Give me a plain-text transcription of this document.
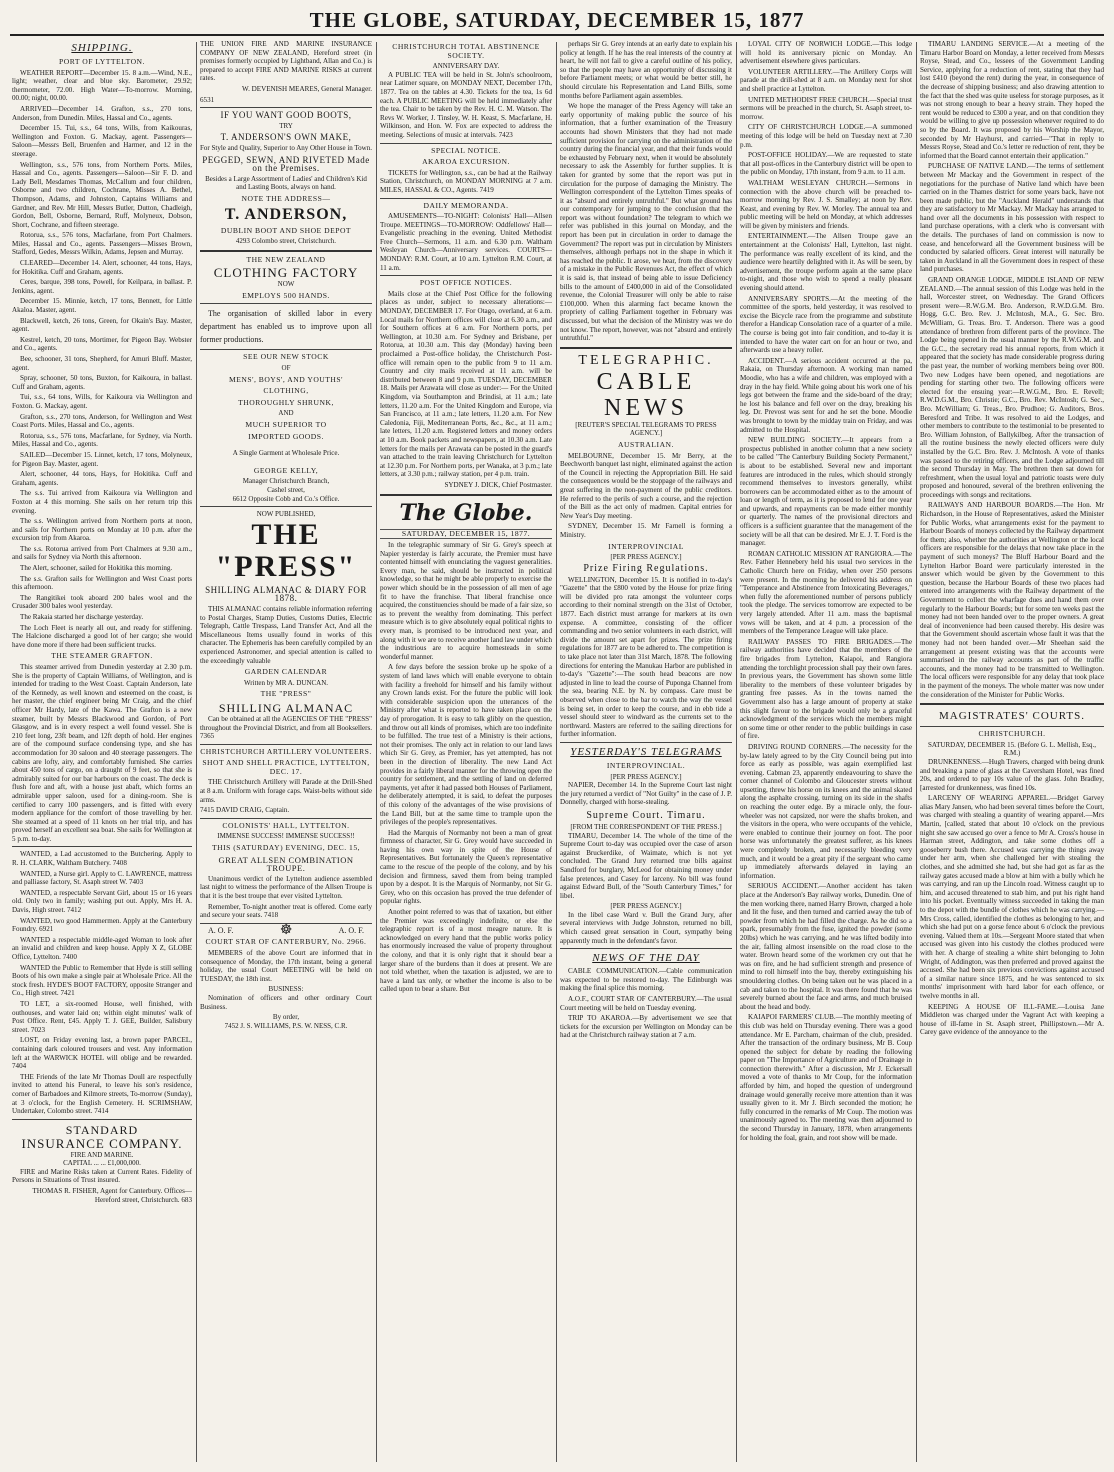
THE GLOBE, SATURDAY, DECEMBER 15, 1877
SHIPPING.
PORT OF LYTTELTON.

WEATHER REPORT—December 15. 8 a.m.—Wind, N.E., light; weather, clear and blue sky. Barometer, 29.92; thermometer, 72.00. High Water—To-morrow. Morning, 00.00; night, 00.00.

ARRIVED—December 14. Grafton, s.s., 270 tons, Anderson, from Dunedin. Miles, Hassal and Co., agents.

December 15. Tui, s.s., 64 tons, Wills, from Kaikouras, Wellington and Foxton. G. Mackay, agent. Passengers—Saloon—Messrs Bell, Bruenfen and Harmer, and 12 in the steerage.

Wellington, s.s., 576 tons, from Northern Ports. Miles, Hassal and Co., agents. Passengers—Saloon—Sir F. D. and Lady Bell, Mesdames Thomas, McCallum and four children, Osborne and two children, Cochrane, Misses A. Bethel, Thompson, Adams, and Johnston, Captains Williams and Gardner, and Rev. Mr Hill, Messrs Butler, Dutton, Chadleigh, Gordon, Bell, Osborne, Bernard, Ruff, Molyneux, Dobson, Short, Cochrane, and fifteen steerage.

Rotorua, s.s., 576 tons, Macfarlane, from Port Chalmers. Miles, Hassal and Co., agents. Passengers—Misses Brown, Stafford, Gedes, Messrs Wilkin, Adams, Jepsen and Murray.

CLEARED—December 14. Alert, schooner, 44 tons, Hays, for Hokitika. Cuff and Graham, agents.

Ceres, barque, 398 tons, Powell, for Keilpara, in ballast. P. Jenkins, agent.

December 15. Minnie, ketch, 17 tons, Bennett, for Little Akaloa. Master, agent.

Blackwell, ketch, 26 tons, Green, for Okain's Bay. Master, agent.

Kestrel, ketch, 20 tons, Mortimer, for Pigeon Bay. Webster and Co., agents.

Bee, schooner, 31 tons, Shepherd, for Amuri Bluff. Master, agent.

Spray, schooner, 50 tons, Buxton, for Kaikoura, in ballast. Cuff and Graham, agents.

Tui, s.s., 64 tons, Wills, for Kaikoura via Wellington and Foxton. G. Mackay, agent.

Grafton, s.s., 270 tons, Anderson, for Wellington and West Coast Ports. Miles, Hassal and Co., agents.

Rotorua, s.s., 576 tons, Macfarlane, for Sydney, via North. Miles, Hassal and Co., agents.

SAILED—December 15. Linnet, ketch, 17 tons, Molyneux, for Pigeon Bay. Master, agent.

Alert, schooner, 44 tons, Hays, for Hokitika. Cuff and Graham, agents.

The s.s. Tui arrived from Kaikoura via Wellington and Foxton at 4 this morning. She sails on her return trip this evening.

The s.s. Wellington arrived from Northern ports at noon, and sails for Northern ports on Monday at 10 p.m. after the excursion trip from Akaroa.

The s.s. Rotorua arrived from Port Chalmers at 9.30 a.m., and sails for Sydney via North this afternoon.

The Alert, schooner, sailed for Hokitika this morning.

The s.s. Grafton sails for Wellington and West Coast ports this afternoon.

The Rangitikei took aboard 200 bales wool and the Crusader 300 bales wool yesterday.

The Rakaia started her discharge yesterday.

The Loch Fleet is nearly all out, and ready for stiffening. The Halcione discharged a good lot of her cargo; she would have done more if there had been sufficient trucks.

THE STEAMER GRAFTON.

This steamer arrived from Dunedin yesterday at 2.30 p.m. She is the property of Captain Williams, of Wellington, and is intended for trading to the West Coast. Captain Anderson, late of the Kennedy, as well known and esteemed on the coast, is her master, the chief engineer being Mr Craig, and the chief officer Mr Hardy, late of the Kawa. The Grafton is a new steamer, built by Messrs Blackwood and Gordon, of Port Glasgow, and is in every respect a well found vessel. She is 210 feet long, 23ft beam, and 12ft depth of hold. Her engines are of the compound surface condensing type, and she has accommodation for 30 saloon and 40 steerage passengers. The cabins are lofty, airy, and comfortably furnished. She carries about 450 tons of cargo, on a draught of 9 feet, so that she is admirably suited for our bar harbours on the coast. The deck is flush fore and aft, with a house just abaft, which forms an admirable upper saloon, used for a dining-room. She is certified to carry 100 passengers, and is fitted with every modern appliance for the comfort of those travelling by her. She steamed at a speed of 11 knots on her trial trip, and has proved herself an excellent sea boat. She sails for Wellington at 5 p.m. to-day.

WANTED, a Lad accustomed to the Butchering. Apply to R. H. CLARK, Waltham Butchery. 7408

WANTED, a Nurse girl. Apply to C. LAWRENCE, mattress and palliasse factory, St. Asaph street W. 7403

WANTED, a respectable Servant Girl, about 15 or 16 years old. Only two in family; washing put out. Apply, Mrs H. A. Davis, High street. 7412

WANTED, two good Hammermen. Apply at the Canterbury Foundry. 6921

WANTED a respectable middle-aged Woman to look after an invalid and children and keep house. Apply X Z, GLOBE Office, Lyttelton. 7400

WANTED the Public to Remember that Hyde is still selling Boots of his own make a single pair at Wholesale Price. All the stock fresh. HYDE'S BOOT FACTORY, opposite Stranger and Co., High street. 7421

TO LET, a six-roomed House, well finished, with outhouses, and water laid on; within eight minutes' walk of Post Office. Rent, £45. Apply T. J. GEE, Builder, Salisbury street. 7023

LOST, on Friday evening last, a brown paper PARCEL, containing dark coloured trousers and vest. Any information left at the WARWICK HOTEL will oblige and be rewarded. 7404

THE Friends of the late Mr Thomas Doull are respectfully invited to attend his Funeral, to leave his son's residence, corner of Barbadoes and Kilmore streets, To-morrow (Sunday), at 3 o'clock, for the English Cemetery. H. SCRIMSHAW, Undertaker, Colombo street. 7414

STANDARD
INSURANCE COMPANY.
FIRE AND MARINE.
CAPITAL ... ... £1,000,000.

FIRE and Marine Risks taken at Current Rates. Fidelity of Persons in Situations of Trust insured.

THOMAS R. FISHER, Agent for Canterbury. Offices—Hereford street, Christchurch. 683

THE UNION FIRE AND MARINE INSURANCE COMPANY OF NEW ZEALAND, Hereford street (in premises formerly occupied by Lightband, Allan and Co.) is prepared to accept FIRE AND MARINE RISKS at current rates.

W. DEVENISH MEARES, General Manager.

6531

IF YOU WANT GOOD BOOTS,
TRY
T. ANDERSON'S OWN MAKE,
For Style and Quality, Superior to Any Other House in Town.
PEGGED, SEWN, AND RIVETED Made on the Premises.
Besides a Large Assortment of Ladies' and Children's Kid and Lasting Boots, always on hand.
NOTE THE ADDRESS—
T. ANDERSON,
DUBLIN BOOT AND SHOE DEPOT
4293 Colombo street, Christchurch.
THE NEW ZEALAND
CLOTHING FACTORY
NOW
EMPLOYS 500 HANDS.

The organisation of skilled labor in every department has enabled us to improve upon all former productions.

SEE OUR NEW STOCK
OF
MENS', BOYS', AND YOUTHS'
CLOTHING,
THOROUGHLY SHRUNK,
AND
MUCH SUPERIOR TO
IMPORTED GOODS.
A Single Garment at Wholesale Price.
GEORGE KELLY,
Manager Christchurch Branch,
Cashel street,
6612 Opposite Cobb and Co.'s Office.
NOW PUBLISHED,
THE "PRESS"
SHILLING ALMANAC & DIARY FOR 1878.

THIS ALMANAC contains reliable information referring to Postal Charges, Stamp Duties, Customs Duties, Electric Telegraph, Cattle Trespass, Land Transfer Act, And all the Miscellaneous Items usually found in works of this character. The Ephemeris has been carefully compiled by an experienced Astronomer, and special attention is called to the exceedingly valuable

GARDEN CALENDAR
Written by MR A. DUNCAN.
THE "PRESS"
SHILLING ALMANAC

Can be obtained at all the AGENCIES OF THE "PRESS" throughout the Provincial District, and from all Booksellers. 7365

CHRISTCHURCH ARTILLERY VOLUNTEERS.
SHOT AND SHELL PRACTICE, LYTTELTON, DEC. 17.

THE Christchurch Artillery will Parade at the Drill-Shed at 8 a.m. Uniform with forage caps. Waist-belts without side arms.

7415 DAVID CRAIG, Captain.

COLONISTS' HALL, LYTTELTON.
IMMENSE SUCCESS! IMMENSE SUCCESS!!
THIS (SATURDAY) EVENING, DEC. 15,
GREAT ALLSEN COMBINATION TROUPE.

Unanimous verdict of the Lyttelton audience assembled last night to witness the performance of the Allsen Troupe is that it is the best troupe that ever visited Lyttelton.

Remember, To-night another treat is offered. Come early and secure your seats. 7418

A. O. F.	☸	A. O. F.
COURT STAR OF CANTERBURY, No. 2966.

MEMBERS of the above Court are informed that in consequence of Monday, the 17th instant, being a general holiday, the usual Court MEETING will be held on TUESDAY, the 18th inst.

BUSINESS:

Nomination of officers and other ordinary Court Business.

By order,
7452 J. S. WILLIAMS, P.S. W. NESS, C.R.
CHRISTCHURCH TOTAL ABSTINENCE SOCIETY.
ANNIVERSARY DAY.

A PUBLIC TEA will be held in St. John's schoolroom, near Latimer square, on MONDAY NEXT, December 17th, 1877. Tea on the tables at 4.30. Tickets for the tea, 1s 6d each. A PUBLIC MEETING will be held immediately after the tea. Chair to be taken by the Rev. H. C. M. Watson. The Revs W. Worker, J. Tinsley, W. H. Keast, S. Macfarlane, H. Wilkinson, and Hon. W. Fox are expected to address the meeting. Selections of music at intervals. 7423

SPECIAL NOTICE.
AKAROA EXCURSION.

TICKETS for Wellington, s.s., can be had at the Railway Station, Christchurch, on MONDAY MORNING at 7 a.m. MILES, HASSAL & CO., Agents. 7419

DAILY MEMORANDA.

AMUSEMENTS—TO-NIGHT: Colonists' Hall—Allsen Troupe. MEETINGS—TO-MORROW: Oddfellows' Hall—Evangelistic preaching in the evening. United Methodist Free Church—Sermons, 11 a.m. and 6.30 p.m. Waltham Wesleyan Church—Anniversary services. COURTS—MONDAY: R.M. Court, at 10 a.m. Lyttelton R.M. Court, at 11 a.m.

POST OFFICE NOTICES.

Mails close at the Chief Post Office for the following places as under, subject to necessary alterations:— MONDAY, DECEMBER 17. For Otago, overland, at 6 a.m. Local mails for Northern offices will close at 6.30 a.m., and for Southern offices at 6 a.m. For Northern ports, per Wellington, at 10.30 a.m. For Sydney and Brisbane, per Rotorua, at 10.30 a.m. This day (Monday) having been proclaimed a Post-office holiday, the Christchurch Post-office will remain open to the public from 9 to 11 a.m. Country and city mails received at 11 a.m. will be distributed between 8 and 9 p.m. TUESDAY, DECEMBER 18. Mails per Arawata will close as under:— For the United Kingdom, via Southampton and Brindisi, at 11 a.m.; late letters, 11.20 a.m. For the United Kingdom and Europe, via San Francisco, at 11 a.m.; late letters, 11.20 a.m. For New Caledonia, Fiji, Mediterranean Ports, &c., &c., at 11 a.m.; late letters, 11.20 a.m. Registered letters and money orders at 10 a.m. Book packets and newspapers, at 10.30 a.m. Late letters for the mails per Arawata can be posted in the guard's van attached to the train leaving Christchurch for Lyttelton at 12.30 p.m. For Northern ports, per Wanaka, at 3 p.m.; late letters, at 3.30 p.m.; railway station, per 4 p.m. train.

SYDNEY J. DICK, Chief Postmaster.

The Globe.
SATURDAY, DECEMBER 15, 1877.

In the telegraphic summary of Sir G. Grey's speech at Napier yesterday is fairly accurate, the Premier must have contented himself with enunciating the vaguest generalities. Every man, he said, should be instructed in political knowledge, so that he might be able properly to exercise the power which should be in the possession of all men of age fit to have the franchise. That liberal franchise once acquired, the constituencies should be made of a fair size, so as to prevent the wealthy from dominating. This perfect measure which is to give absolutely equal political rights to every man, is promised to be introduced next year, and along with it we are to receive another land law under which the industrious are to acquire homesteads in some wonderful manner.

A few days before the session broke up he spoke of a system of land laws which will enable everyone to obtain with facility a freehold for himself and his family without any Crown lands exist. For the future the public will look with considerable suspicion upon the utterances of the Ministry after what is reported to have taken place on the day of prorogation. It is easy to talk glibly on the question, and throw out all kinds of promises, which are too indefinite to be fulfilled. The true test of a Ministry is their actions, not their promises. The only act in relation to our land laws which Sir G. Grey, as Premier, has yet attempted, has not been in the direction of liberality. The new Land Act provides in a fairly liberal manner for the throwing open the country for settlement, and the settling of land on deferred payments, yet after it had passed both Houses of Parliament, he deliberately attempted, it is said, to defeat the purposes of this colony of the advantages of the wise provisions of the Land Bill, but at the same time to trample upon the privileges of the people's representatives.

Had the Marquis of Normanby not been a man of great firmness of character, Sir G. Grey would have succeeded in having his own way in spite of the House of Representatives. But fortunately the Queen's representative came to the rescue of the people of the colony, and by his decision and firmness, saved them from being trampled upon by a despot. It is the Marquis of Normanby, not Sir G. Grey, who on this occasion has proved the true defender of popular rights.

Another point referred to was that of taxation, but either the Premier was exceedingly indefinite, or else the telegraphic report is of a most meagre nature. It is acknowledged on every hand that the public works policy has enormously increased the value of property throughout the colony, and that it is only right that it should bear a larger share of the burdens than it does at present. We are not told whether, when the taxation is adjusted, we are to have a land tax only, or whether the income is also to be called upon to bear a share. But

perhaps Sir G. Grey intends at an early date to explain his policy at length. If he has the real interests of the country at heart, he will not fail to give a careful outline of his policy, so that the people may have an opportunity of discussing it before Parliament meets; or what would be better still, he should circulate his Representation and Land Bills, some months before Parliament again assembles.

We hope the manager of the Press Agency will take an early opportunity of making public the source of his information, that a further examination of the Treasury accounts had shown Ministers that they had not made sufficient provision for carrying on the administration of the country during the financial year, and that their funds would be exhausted by February next, when it would be absolutely necessary to ask the Assembly for further supplies. It is taken for granted by some that the report was put in circulation for the purpose of damaging the Ministry. The Wellington correspondent of the Lyttelton Times speaks of it as "absurd and entirely untruthful." But what ground has our contemporary for jumping to the conclusion that the report was without foundation? The telegram to which we refer was published in this journal on Monday, and the report has been put in circulation in order to damage the Government? The report was put in circulation by Ministers themselves, although perhaps not in the shape in which it has reached the public. It arose, we hear, from the discovery of a mistake in the Public Revenues Act, the effect of which it is said is, that instead of being able to issue Deficiency bills to the amount of £400,000 in aid of the Consolidated revenue, the Colonial Treasurer will only be able to raise £100,000. When this alarming fact became known the propriety of calling Parliament together in February was discussed, but what the decision of the Ministry was we do not know. The report, however, was not "absurd and entirely untruthful."

TELEGRAPHIC.
CABLE NEWS
[REUTER'S SPECIAL TELEGRAMS TO PRESS AGENCY.]
AUSTRALIAN.

MELBOURNE, December 15. Mr Berry, at the Beechworth banquet last night, eliminated against the action of the Council in rejecting the Appropriation Bill. He said the consequences would be the stoppage of the railways and great suffering in the non-payment of the public creditors. He referred to the perils of such a course, and the rejection of the Bill as the act only of madmen. Capital entries for New Year's Day meeting.

SYDNEY, December 15. Mr Farnell is forming a Ministry.

INTERPROVINCIAL
[PER PRESS AGENCY.]
Prize Firing Regulations.

WELLINGTON, December 15. It is notified in to-day's "Gazette" that the £800 voted by the House for prize firing will be divided pro rata amongst the volunteer corps according to their nominal strength on the 31st of October, 1877. Each district must arrange for markers at its own expense. A committee, consisting of the officer commanding and two senior volunteers in each district, will divide the amount set apart for prizes. The prize firing regulations for 1877 are to be adhered to. The competition is to take place not later than 31st March, 1878. The following directions for entering the Manukau Harbor are published in to-day's "Gazette":—The south head beacons are now adjusted in line to lead the course of Puponga Channel from the sea, bearing N.E. by N. by compass. Care must be observed when close to the bar to watch the way the vessel is being set, in order to keep the course, and in ebb tide a vessel should steer to windward as the currents set to the northward. Masters are referred to the sailing directions for further information.

YESTERDAY'S TELEGRAMS
INTERPROVINCIAL.
[PER PRESS AGENCY.]

NAPIER, December 14. In the Supreme Court last night the jury returned a verdict of "Not Guilty" in the case of J. P. Donnelly, charged with horse-stealing.

Supreme Court. Timaru.
[FROM THE CORRESPONDENT OF THE PRESS.]

TIMARU, December 14. The whole of the time of the Supreme Court to-day was occupied over the case of arson against Bruckerdike, of Waimate, which is not yet concluded. The Grand Jury returned true bills against Sandford for burglary, McLeod for obtaining money under false pretences, and Casey for larceny. No bill was found against Edward Bull, of the "South Canterbury Times," for libel.

[PER PRESS AGENCY.]

In the libel case Ward v. Bull the Grand Jury, after several interviews with Judge Johnston, returned no bill, which caused great sensation in Court, sympathy being apparently much in the defendant's favor.

NEWS OF THE DAY

CABLE COMMUNICATION.—Cable communication was expected to be restored to-day. The Edinburgh was making the final splice this morning.

A.O.F., COURT STAR OF CANTERBURY.—The usual Court meeting will be held on Tuesday evening.

TRIP TO AKAROA.—By advertisement we see that tickets for the excursion per Wellington on Monday can be had at the Christchurch railway station at 7 a.m.

LOYAL CITY OF NORWICH LODGE.—This lodge will hold its anniversary picnic on Monday. An advertisement elsewhere gives particulars.

VOLUNTEER ARTILLERY.—The Artillery Corps will parade at the drill-shed at 8 a.m. on Monday next for shot and shell practice at Lyttelton.

UNITED METHODIST FREE CHURCH.—Special trust sermons will be preached in the church, St. Asaph street, to-morrow.

CITY OF CHRISTCHURCH LODGE.—A summoned meeting of this lodge will be held on Tuesday next at 7.30 p.m.

POST-OFFICE HOLIDAY.—We are requested to state that all post-offices in the Canterbury district will be open to the public on Monday, 17th instant, from 9 a.m. to 11 a.m.

WALTHAM WESLEYAN CHURCH.—Sermons in connection with the above church will be preached to-morrow morning by Rev. J. S. Smalley; at noon by Rev. Keast, and evening by Rev. W. Morley. The annual tea and public meeting will be held on Monday, at which addresses will be given by ministers and friends.

ENTERTAINMENT.—The Allsen Troupe gave an entertainment at the Colonists' Hall, Lyttelton, last night. The performance was really excellent of its kind, and the audience were heartily delighted with it. As will be seen, by advertisement, the troupe perform again at the same place to-night, and those who wish to spend a really pleasant evening should attend.

ANNIVERSARY SPORTS.—At the meeting of the committee of the sports, held yesterday, it was resolved to excise the Bicycle race from the programme and substitute therefor a Handicap Consolation race of a quarter of a mile. The course is being got into fair condition, and to-day it is intended to have the water cart on for an hour or two, and afterwards use a heavy roller.

ACCIDENT.—A serious accident occurred at the pa, Rakaia, on Thursday afternoon. A working man named Moodie, who has a wife and children, was employed with a dray in the hay field. While going about his work one of his legs got between the frame and the side-board of the dray; he lost his balance and fell over on the dray, breaking his leg. Dr. Prevost was sent for and he set the bone. Moodie was brought to town by the midday train on Friday, and was admitted to the Hospital.

NEW BUILDING SOCIETY.—It appears from a prospectus published in another column that a new society to be called "The Canterbury Building Society Permanent," is about to be established. Several new and important features are introduced in the rules, which should strongly recommend themselves to investors generally, whilst borrowers can be accommodated either as to the amount of loan or length of term, as it is proposed to lend for one year and upwards, and repayments can be made either monthly or quarterly. The names of the provisional directors and officers is a sufficient guarantee that the management of the society will be all that can be desired. Mr E. J. T. Ford is the manager.

ROMAN CATHOLIC MISSION AT RANGIORA.—The Rev. Father Hennebery held his usual two services in the Catholic Church here on Friday, when over 250 persons were present. In the morning he delivered his address on "Temperance and Abstinence from Intoxicating Beverages," when fully the aforementioned number of persons publicly took the pledge. The services tomorrow are expected to be very largely attended. After 11 a.m. mass the baptismal vows will be taken, and at 4 p.m. a procession of the members of the Temperance League will take place.

RAILWAY PASSES TO FIRE BRIGADES.—The railway authorities have decided that the members of the fire brigades from Lyttelton, Kaiapoi, and Rangiora attending the torchlight procession shall pay their own fares. In previous years, the Government has shown some little liberality to the members of these volunteer brigades by granting free passes. As in the towns named the Government also has a large amount of property at stake this slight favour to the brigade would only be a graceful acknowledgment of the services which the members might on some time or other render to the public buildings in case of fire.

DRIVING ROUND CORNERS.—The necessity for the by-law lately agreed to by the City Council being put into force as early as possible, was again exemplified last evening. Cabman 23, apparently endeavouring to shave the corner channel of Colombo and Gloucester streets without upsetting, threw his horse on its knees and the animal skated along the asphalte crossing, turning on its side in the shafts on reaching the outer edge. By a miracle only, the four-wheeler was not capsized, nor were the shafts broken, and the visitors in the opera, who were occupants of the vehicle, were enabled to continue their journey on foot. The poor horse was unfortunately the greatest sufferer, as his knees were completely broken, and necessarily bleeding very much, and it would be a great pity if the sergeant who came up immediately afterwards delayed in laying an information.

SERIOUS ACCIDENT.—Another accident has taken place at the Anderson's Bay railway works, Dunedin. One of the men working there, named Harry Brown, charged a hole and lit the fuse, and then turned and carried away the tub of powder from which he had filled the charge. As he did so a spark, presumably from the fuse, ignited the powder (some 20lbs) which he was carrying, and he was lifted bodily into the air, falling almost insensible on the road close to the water. Brown heard some of the workmen cry out that he was on fire, and he had sufficient strength and presence of mind to roll himself into the bay, thereby extinguishing his smouldering clothes. On being taken out he was placed in a cab and taken to the hospital. It was there found that he was severely burned about the face and arms, and much bruised about the head and body.

KAIAPOI FARMERS' CLUB.—The monthly meeting of this club was held on Thursday evening. There was a good attendance. Mr E. Parcham, chairman of the club, presided. After the transaction of the ordinary business, Mr B. Coup opened the subject for debate by reading the following paper on "The Importance of Agriculture and of Drainage in connection therewith." After a discussion, Mr J. Eckersall moved a vote of thanks to Mr Coup, for the information afforded by him, and hoped the question of underground drainage would generally receive more attention than it was usually given to it. Mr J. Birch seconded the motion; he fully concurred in the remarks of Mr Coup. The motion was unanimously agreed to. The meeting was then adjourned to the second Thursday in January, 1878, when arrangements for holding the foal, grain, and root show will be made.

TIMARU LANDING SERVICE.—At a meeting of the Timaru Harbor Board on Monday, a letter received from Messrs Royse, Stead, and Co., lessees of the Government Landing Service, applying for a reduction of rent, stating that they had lost £410 (beyond the rent) during the year, in consequence of the decrease of shipping business; and also drawing attention to the fact that the shed was quite useless for storage purposes, as it was not strong enough to bear a heavy strain. They hoped the rent would be reduced to £300 a year, and on that condition they would be willing to give up possession whenever required to do so by the Board. It was proposed by his Worship the Mayor, seconded by Mr Hayhurst, and carried—"That in reply to Messrs Royse, Stead and Co.'s letter re reduction of rent, they be informed that the Board cannot entertain their application."

PURCHASE OF NATIVE LAND.—The terms of settlement between Mr Mackay and the Government in respect of the negotiations for the purchase of Native land which have been carried on in the Thames district for some years back, have not been made public, but the "Auckland Herald" understands that they are satisfactory to Mr Mackay. Mr Mackay has arranged to hand over all the documents in his possession with respect to land purchase operations, with a clerk who is conversant with the details. The purchases of land on commission is now to cease, and henceforward all the Government business will be conducted by salaried officers. Great interest will naturally be taken in Auckland in all the Government does in respect of these land purchases.

GRAND ORANGE LODGE, MIDDLE ISLAND OF NEW ZEALAND.—The annual session of this Lodge was held in the hall, Worcester street, on Wednesday. The Grand Officers present were—R.W.G.M. Bro. Anderson, R.W.D.G.M. Bro. Hogg, G.C. Bro. Rev. J. McIntosh, M.A., G. Sec. Bro. McWilliam, G. Treas. Bro. T. Anderson. There was a good attendance of brethren from different parts of the province. The Lodge being opened in the usual manner by the R.W.G.M. and the G.C., the secretary read his annual reports, from which it appeared that the society has made considerable progress during the past year, the number of working members being over 800. Two new Lodges have been opened, and negotiations are pending for starting other two. The following officers were elected for the ensuing year:—R.W.G.M., Bro. E. Revell; R.W.D.G.M., Bro. Christie; G.C., Bro. Rev. McIntosh; G. Sec., Bro. McWilliam; G. Treas., Bro. Prudhoe; G. Auditors, Bros. Beresford and Tribe. It was resolved to aid the Lodges, and other members to contribute to the testimonial to be presented to Bro. William Johnston, of Ballykilbeg. After the transaction of all the routine business the newly elected officers were duly installed by the G.C. Bro. Rev. J. McIntosh. A vote of thanks was passed to the retiring officers, and the Lodge adjourned till the second Thursday in May. The brethren then sat down for refreshment, when the usual loyal and patriotic toasts were duly proposed and honoured, several of the brethren enlivening the proceedings with songs and recitations.

RAILWAYS AND HARBOUR BOARDS.—The Hon. Mr Richardson, in the House of Representatives, asked the Minister for Public Works, what arrangements exist for the payment to Harbour Boards of moneys collected by the Railway department for them; also, whether the authorities at Wellington or the local officers are responsible for the delays that now take place in the payment of such moneys? The Bluff Harbour Board and the Lyttelton Harbor Board were particularly interested in the answer which would be given by the Government to this question, because the Harbour Boards of these two places had entered into arrangements with the Railway department of the Government to collect the wharfage dues and hand them over regularly to the Harbour Boards; but for some ten weeks past the money had not been handed over to the proper owners. A great deal of inconvenience had been caused thereby. His desire was that the Government should ascertain whose fault it was that the money had not been handed over.—Mr Sheehan said the arrangement at present existing was that the accounts were summarised in the railway accounts as part of the traffic accounts, and the money had to be transmitted to Wellington. The local officers were responsible for any delay that took place in the payment of the moneys. The whole matter was now under the consideration of the Minister for Public Works.

MAGISTRATES' COURTS.
CHRISTCHURCH.
SATURDAY, DECEMBER 15. (Before G. L. Mellish, Esq., R.M.)

DRUNKENNESS.—Hugh Travers, charged with being drunk and breaking a pane of glass at the Caversham Hotel, was fined 20s, and ordered to pay 10s value of the glass. John Bradley, [arrested for drunkenness, was fined 10s.

LARCENY OF WEARING APPAREL.—Bridget Garvey alias Mary Jansen, who had been several times before the Court, was charged with stealing a quantity of wearing apparel.—Mrs Martin, [called, stated that about 10 o'clock on the previous night she saw accused go over a fence to Mr A. Cross's house in Harman street, Addington, and take some clothes off a gooseberry bush there. Accused was carrying the things away under her arm, when she challenged her with stealing the clothes, and she admitted she had, but she had got as far as the railway gates accused made a blow at him with a bully which he was carrying, and ran up the Lincoln road. Witness caught up to him, and accused threatened to stab him, and put his right hand into his pocket. Eventually witness succeeded in taking the man to the depot with the bundle of clothes which he was carrying.—Mrs Cross, called, identified the clothes as belonging to her, and which she had put on a gorse fence about 6 o'clock the previous evening. Valued them at 10s.—Sergeant Moore stated that when accused was given into his custody the clothes produced were with her. A charge of stealing a white shirt belonging to John Wright, of Addington, was then preferred and proved against the accused. She had been six previous convictions against accused of a similar nature since 1875, and he was sentenced to six months' imprisonment with hard labor for each offence, or twelve months in all.

KEEPING A HOUSE OF ILL-FAME.—Louisa Jane Middleton was charged under the Vagrant Act with keeping a house of ill-fame in St. Asaph street, Phillipstown.—Mr A. Carey gave evidence of the annoyance to the
